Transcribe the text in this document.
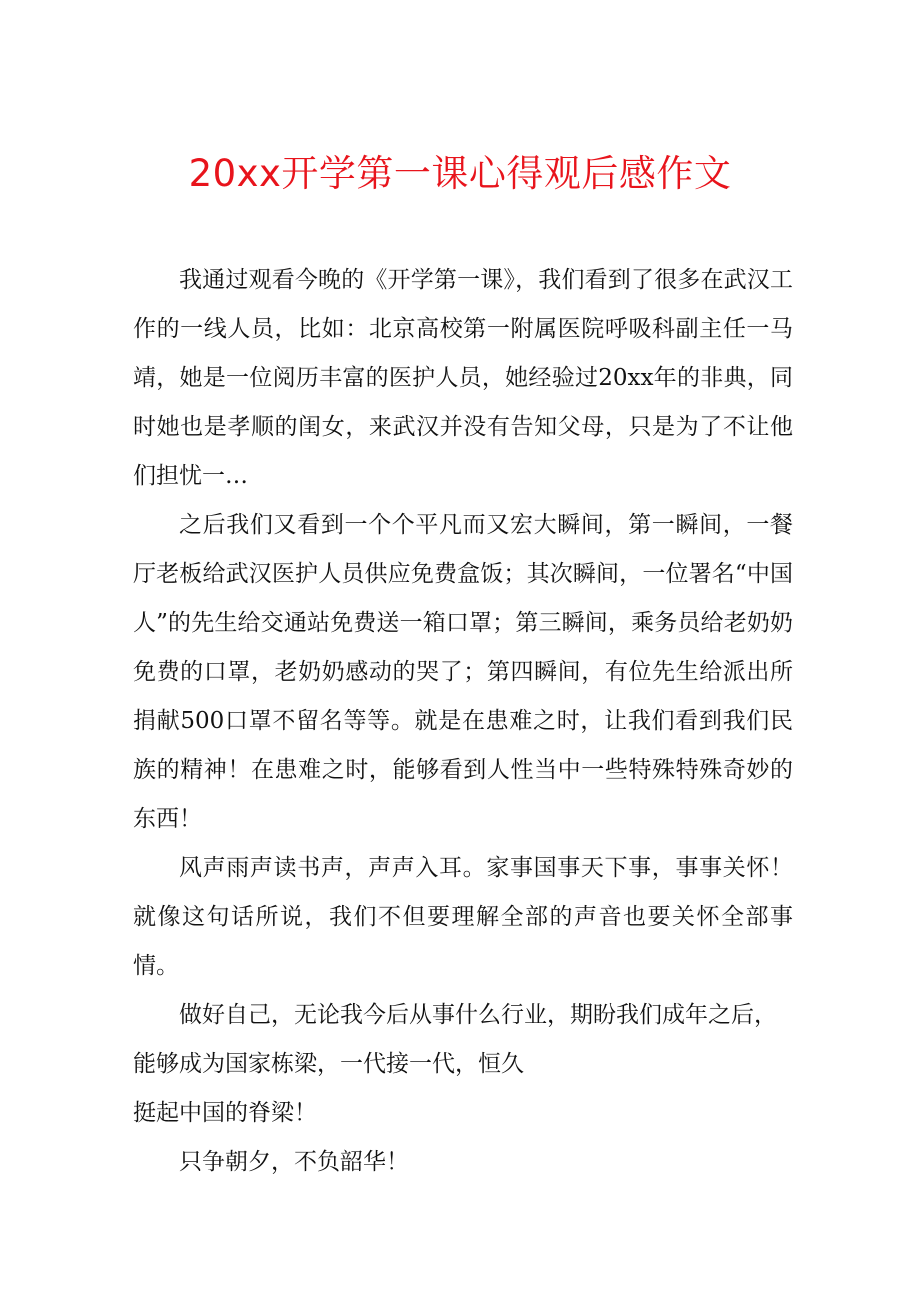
20xx开学第一课心得观后感作文

我通过观看今晚的《开学第一课》，我们看到了很多在武汉工作的一线人员，比如：北京高校第一附属医院呼吸科副主任一马靖，她是一位阅历丰富的医护人员，她经验过20xx年的非典，同时她也是孝顺的闺女，来武汉并没有告知父母，只是为了不让他们担忧一…

之后我们又看到一个个平凡而又宏大瞬间，第一瞬间，一餐厅老板给武汉医护人员供应免费盒饭；其次瞬间，一位署名“中国人”的先生给交通站免费送一箱口罩；第三瞬间，乘务员给老奶奶免费的口罩，老奶奶感动的哭了；第四瞬间，有位先生给派出所捐献500口罩不留名等等。就是在患难之时，让我们看到我们民族的精神！在患难之时，能够看到人性当中一些特殊特殊奇妙的东西！

风声雨声读书声，声声入耳。家事国事天下事，事事关怀！就像这句话所说，我们不但要理解全部的声音也要关怀全部事情。

做好自己，无论我今后从事什么行业，期盼我们成年之后，能够成为国家栋梁，一代接一代，恒久

挺起中国的脊梁！

只争朝夕，不负韶华！
